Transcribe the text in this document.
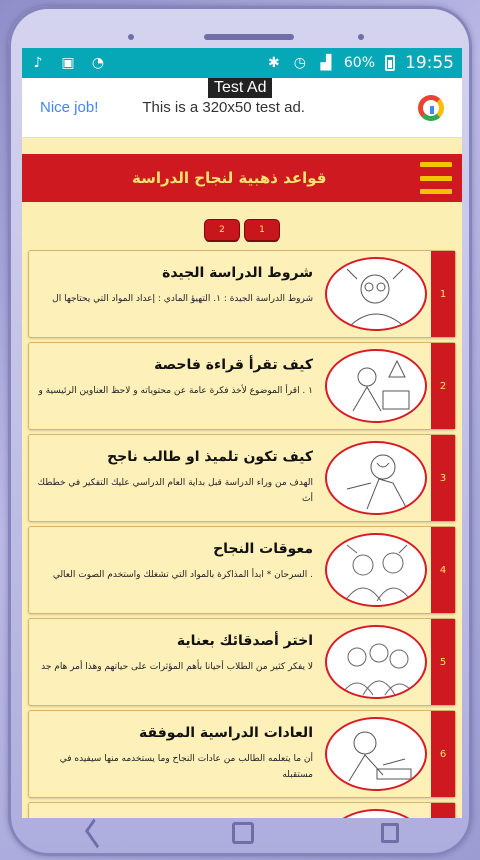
♪ ▣ ◔	✱ ◷ ▟ 60% 19:55
Test Ad
Nice job!	This is a 320x50 test ad.
قواعد ذهبية لنجاح الدراسة
2	1
1
شروط الدراسة الجيدة
شروط الدراسة الجيدة : ١. التهيؤ المادي : إعداد المواد التي يحتاجها ال
2
كيف تقرأ قراءة فاحصة
١ . اقرأ الموضوع لأخذ فكرة عامة عن محتوياته و لاحظ العناوين الرئيسية و
3
كيف تكون تلميذ او طالب ناجح
الهدف من وراء الدراسة قبل بداية العام الدراسي عليك التفكير في خططك أث
4
معوقات النجاح
. السرحان * ابدأ المذاكرة بالمواد التي تشغلك واستخدم الصوت العالي
5
اختر أصدقائك بعناية
لا يفكر كثير من الطلاب أحيانا بأهم المؤثرات على حياتهم وهذا أمر هام جد
6
العادات الدراسية الموفقة
أن ما يتعلمه الطالب من عادات النجاح وما يستخدمه منها سيفيده في مستقبله
